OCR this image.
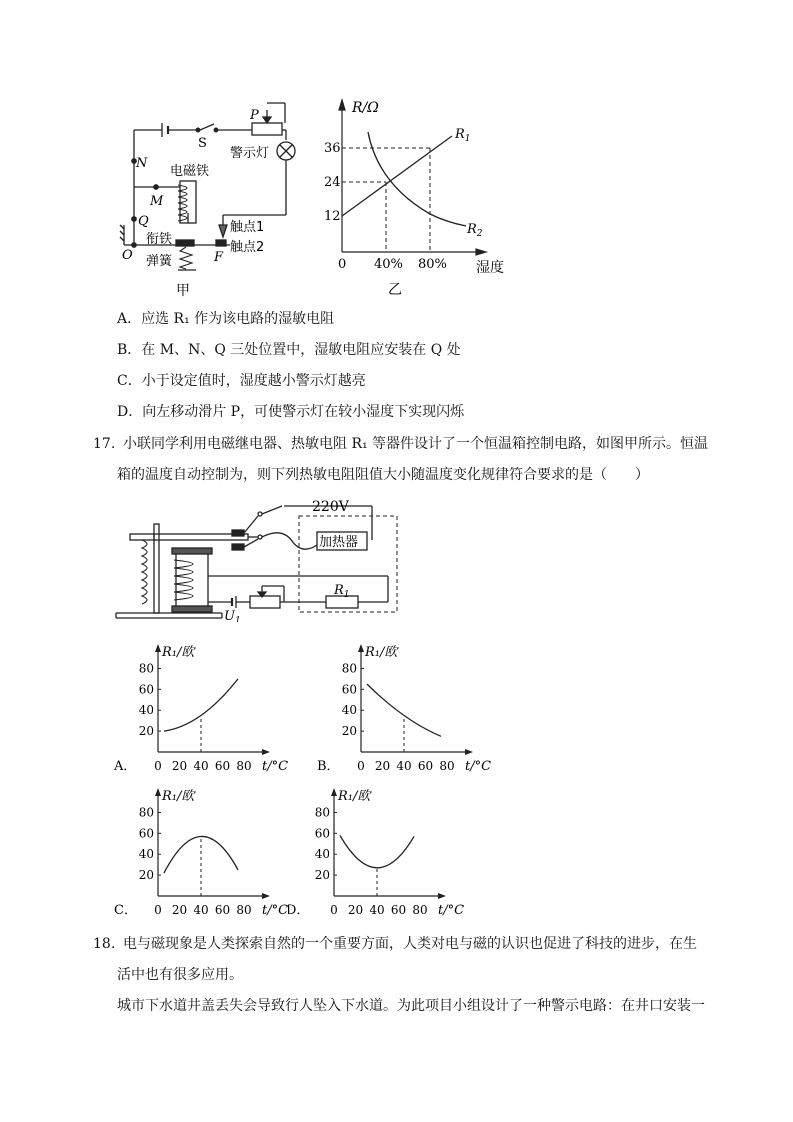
P
S
警示灯
电磁铁
N
M
Q
O
衔铁
弹簧	F
触点1
触点2
甲
R/Ω
36
24
12
0 40% 80% 湿度
$R_1$
$R_2$
乙
A．应选 R₁ 作为该电路的湿敏电阻
B．在 M、N、Q 三处位置中，湿敏电阻应安装在 Q 处
C．小于设定值时，湿度越小警示灯越亮
D．向左移动滑片 P，可使警示灯在较小湿度下实现闪烁
17. 小联同学利用电磁继电器、热敏电阻 R₁ 等器件设计了一个恒温箱控制电路，如图甲所示。恒温
箱的温度自动控制为，则下列热敏电阻阻值大小随温度变化规律符合要求的是（　　）
220V
加热器
$R_1$
$U_1$
20
40
60
80
0 20 40 60 80
R₁/欧
t/°C
A．
20
40
60
80
0 20 40 60 80
R₁/欧
t/°C
B．
20
40
60
80
0 20 40 60 80
R₁/欧
t/°C
C．
20
40
60
80
0 20 40 60 80
R₁/欧
t/°C
D．
18. 电与磁现象是人类探索自然的一个重要方面，人类对电与磁的认识也促进了科技的进步，在生
活中也有很多应用。
城市下水道井盖丢失会导致行人坠入下水道。为此项目小组设计了一种警示电路：在井口安装一
